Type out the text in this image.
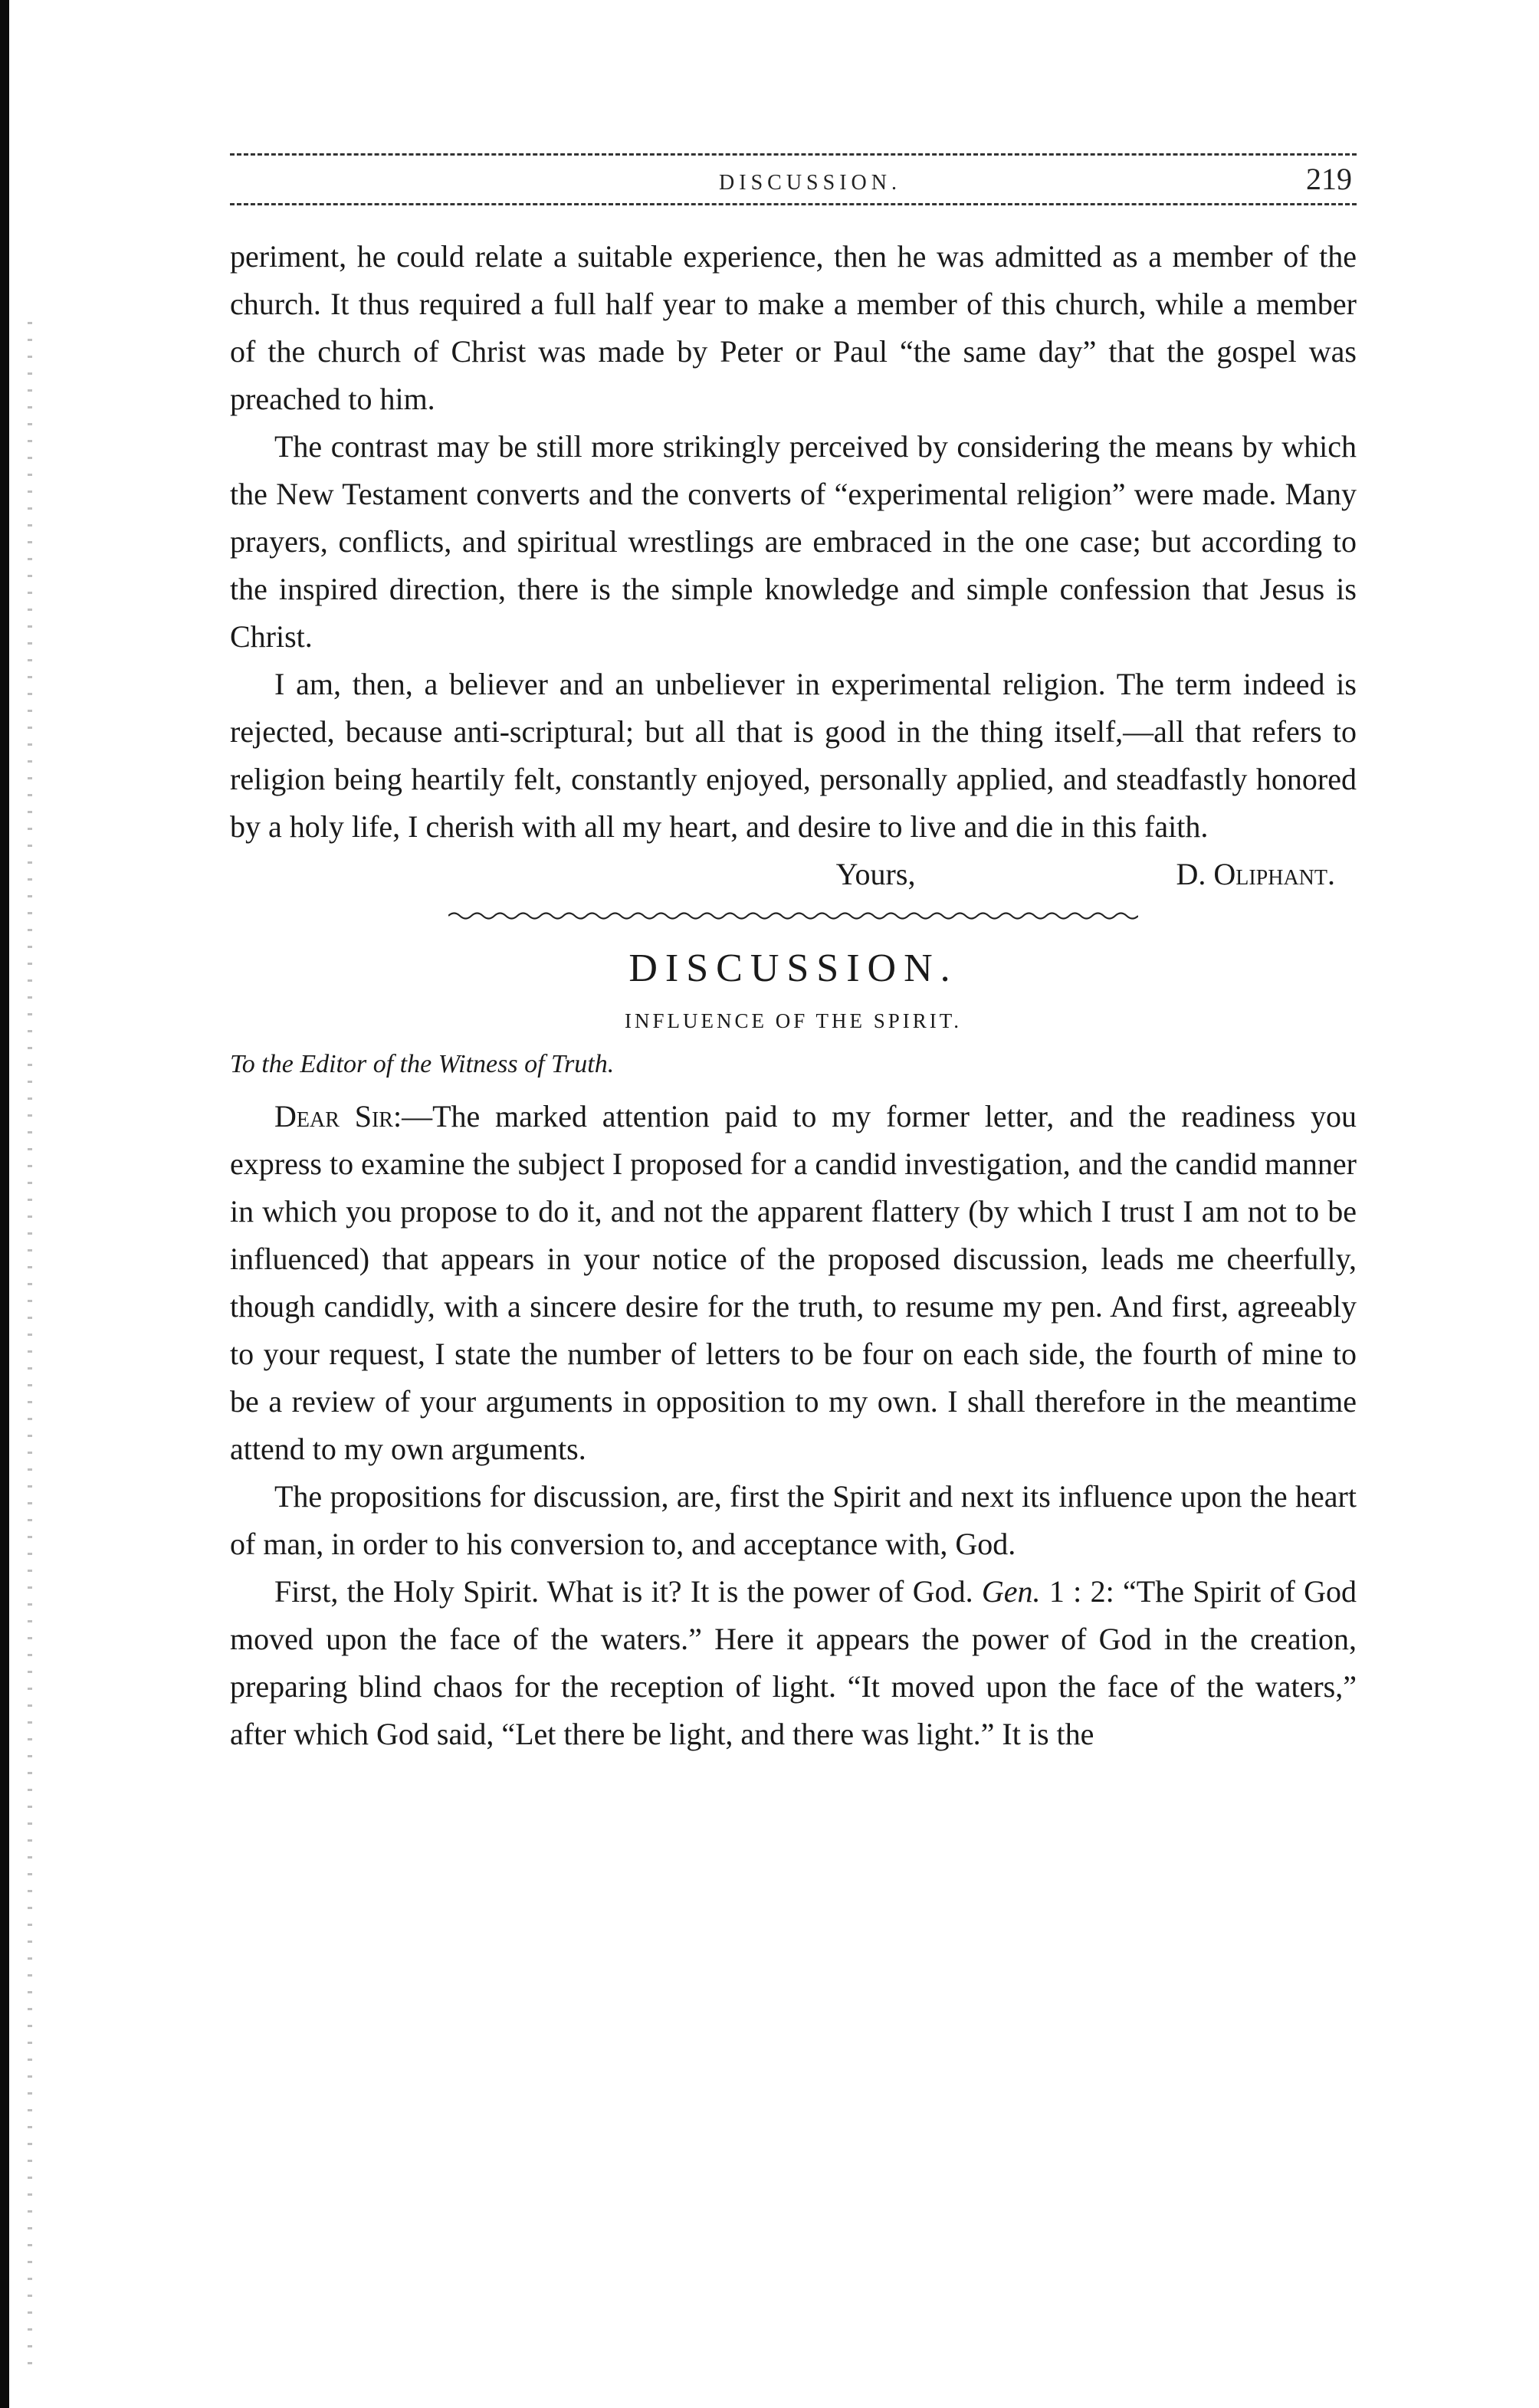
DISCUSSION.	219

periment, he could relate a suitable experience, then he was admitted as a member of the church. It thus required a full half year to make a member of this church, while a member of the church of Christ was made by Peter or Paul “the same day” that the gospel was preached to him.

The contrast may be still more strikingly perceived by considering the means by which the New Testament converts and the converts of “experimental religion” were made. Many prayers, conflicts, and spiritual wrestlings are embraced in the one case; but according to the inspired direction, there is the simple knowledge and simple confession that Jesus is Christ.

I am, then, a believer and an unbeliever in experimental religion. The term indeed is rejected, because anti-scriptural; but all that is good in the thing itself,—all that refers to religion being heartily felt, constantly enjoyed, personally applied, and steadfastly honored by a holy life, I cherish with all my heart, and desire to live and die in this faith.

Yours,	D. Oliphant.
DISCUSSION.
INFLUENCE OF THE SPIRIT.
To the Editor of the Witness of Truth.

Dear Sir:—The marked attention paid to my former letter, and the readiness you express to examine the subject I proposed for a candid investigation, and the candid manner in which you propose to do it, and not the apparent flattery (by which I trust I am not to be influenced) that appears in your notice of the proposed discussion, leads me cheerfully, though candidly, with a sincere desire for the truth, to resume my pen. And first, agreeably to your request, I state the number of letters to be four on each side, the fourth of mine to be a review of your arguments in opposition to my own. I shall therefore in the meantime attend to my own arguments.

The propositions for discussion, are, first the Spirit and next its influence upon the heart of man, in order to his conversion to, and acceptance with, God.

First, the Holy Spirit. What is it? It is the power of God. Gen. 1 : 2: “The Spirit of God moved upon the face of the waters.” Here it appears the power of God in the creation, preparing blind chaos for the reception of light. “It moved upon the face of the waters,” after which God said, “Let there be light, and there was light.” It is the
